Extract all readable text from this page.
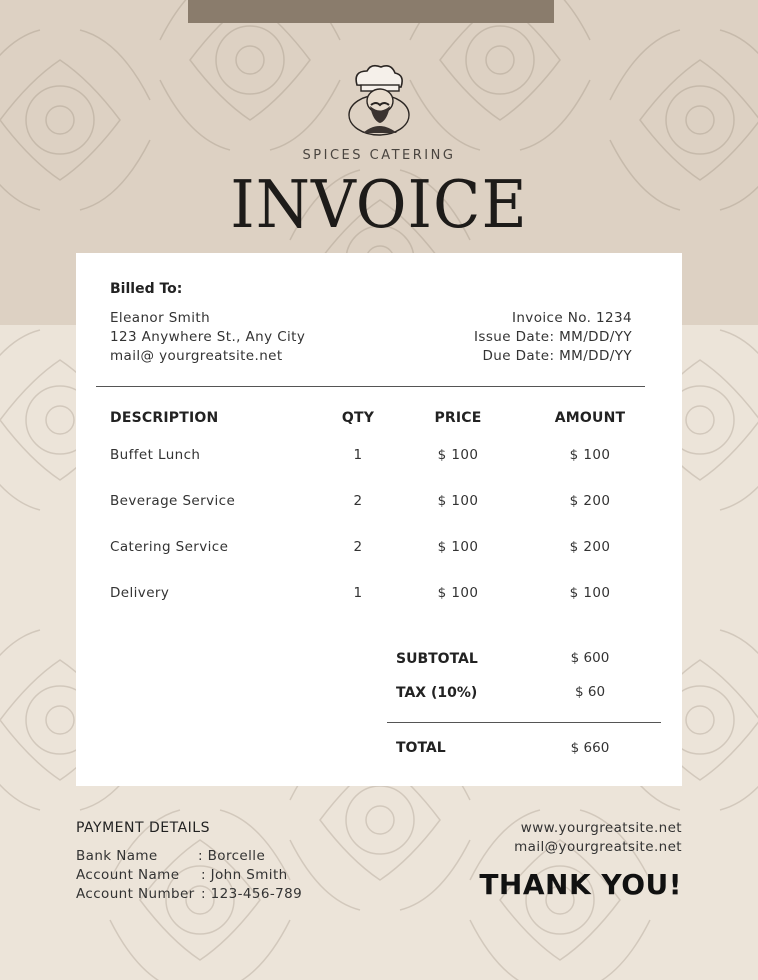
SPICES CATERING
INVOICE
Billed To:
Eleanor Smith
123 Anywhere St., Any City
mail@ yourgreatsite.net
Invoice No. 1234
Issue Date: MM/DD/YY
Due Date: MM/DD/YY
DESCRIPTION	QTY	PRICE	AMOUNT
Buffet Lunch	1	$ 100	$ 100
Beverage Service	2	$ 100	$ 200
Catering Service	2	$ 100	$ 200
Delivery	1	$ 100	$ 100
SUBTOTAL	$ 600
TAX (10%)	$ 60
TOTAL	$ 660
PAYMENT DETAILS
Bank Name	: Borcelle
Account Name : John Smith
Account Number : 123-456-789
www.yourgreatsite.net
mail@yourgreatsite.net
THANK YOU!
